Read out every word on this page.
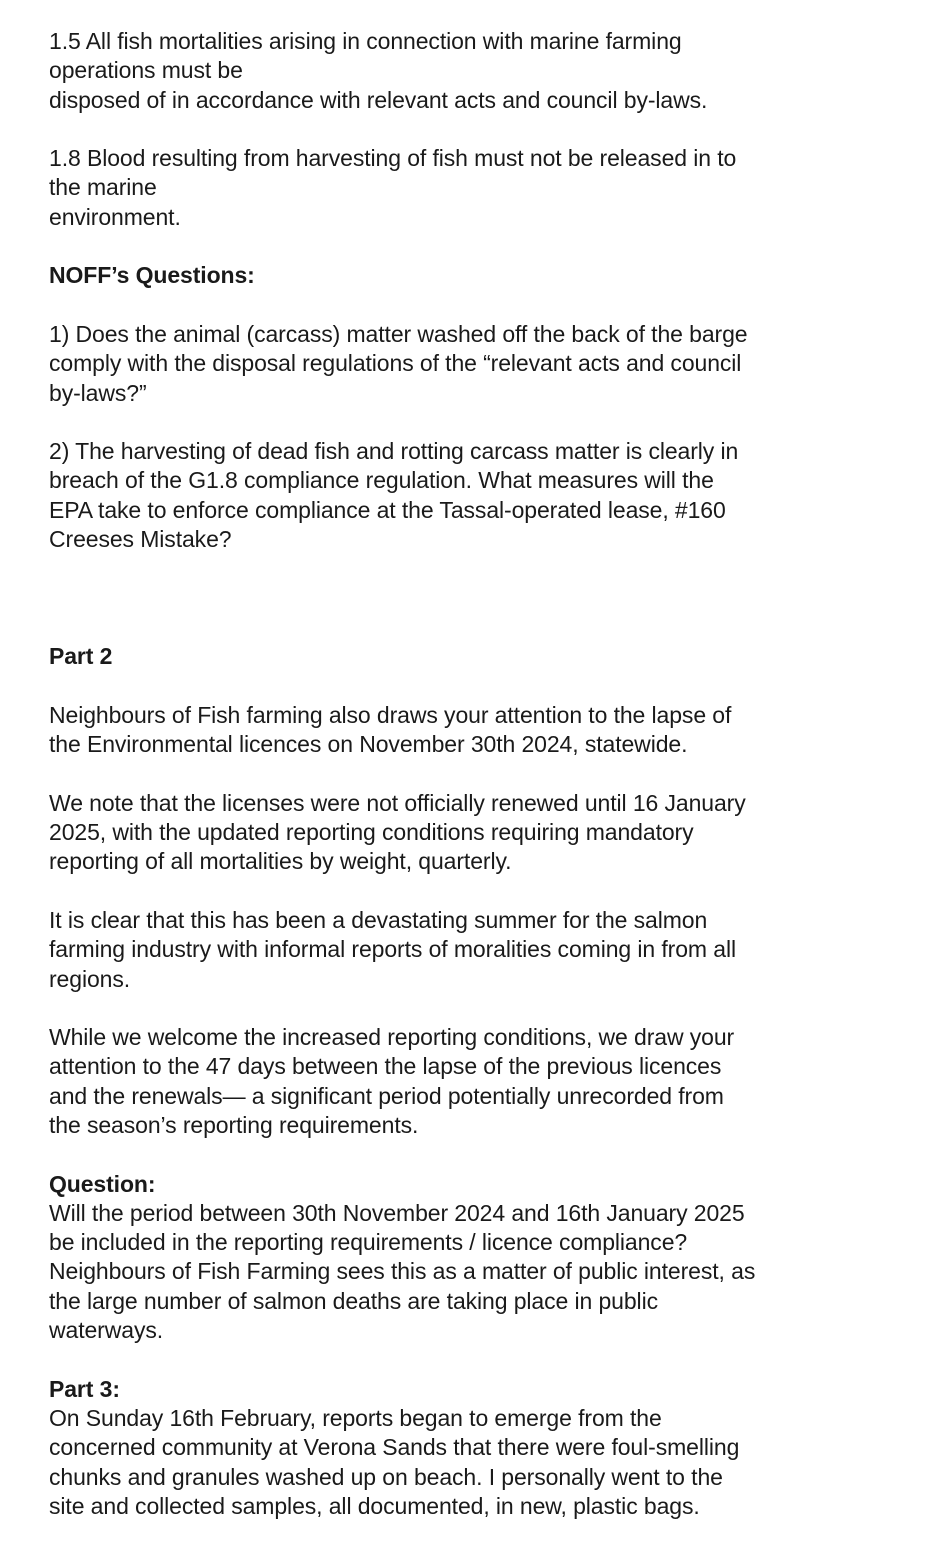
1.5 All fish mortalities arising in connection with marine farming
operations must be
disposed of in accordance with relevant acts and council by-laws.
1.8 Blood resulting from harvesting of fish must not be released in to
the marine
environment.
NOFF’s Questions:
1) Does the animal (carcass) matter washed off the back of the barge
comply with the disposal regulations of the “relevant acts and council
by-laws?”
2) The harvesting of dead fish and rotting carcass matter is clearly in
breach of the G1.8 compliance regulation. What measures will the
EPA take to enforce compliance at the Tassal-operated lease, #160
Creeses Mistake?
Part 2
Neighbours of Fish farming also draws your attention to the lapse of
the Environmental licences on November 30th 2024, statewide.
We note that the licenses were not officially renewed until 16 January
2025, with the updated reporting conditions requiring mandatory
reporting of all mortalities by weight, quarterly.
It is clear that this has been a devastating summer for the salmon
farming industry with informal reports of moralities coming in from all
regions.
While we welcome the increased reporting conditions, we draw your
attention to the 47 days between the lapse of the previous licences
and the renewals— a significant period potentially unrecorded from
the season’s reporting requirements.
Question:
Will the period between 30th November 2024 and 16th January 2025
be included in the reporting requirements / licence compliance?
Neighbours of Fish Farming sees this as a matter of public interest, as
the large number of salmon deaths are taking place in public
waterways.
Part 3:
On Sunday 16th February, reports began to emerge from the
concerned community at Verona Sands that there were foul-smelling
chunks and granules washed up on beach. I personally went to the
site and collected samples, all documented, in new, plastic bags.
